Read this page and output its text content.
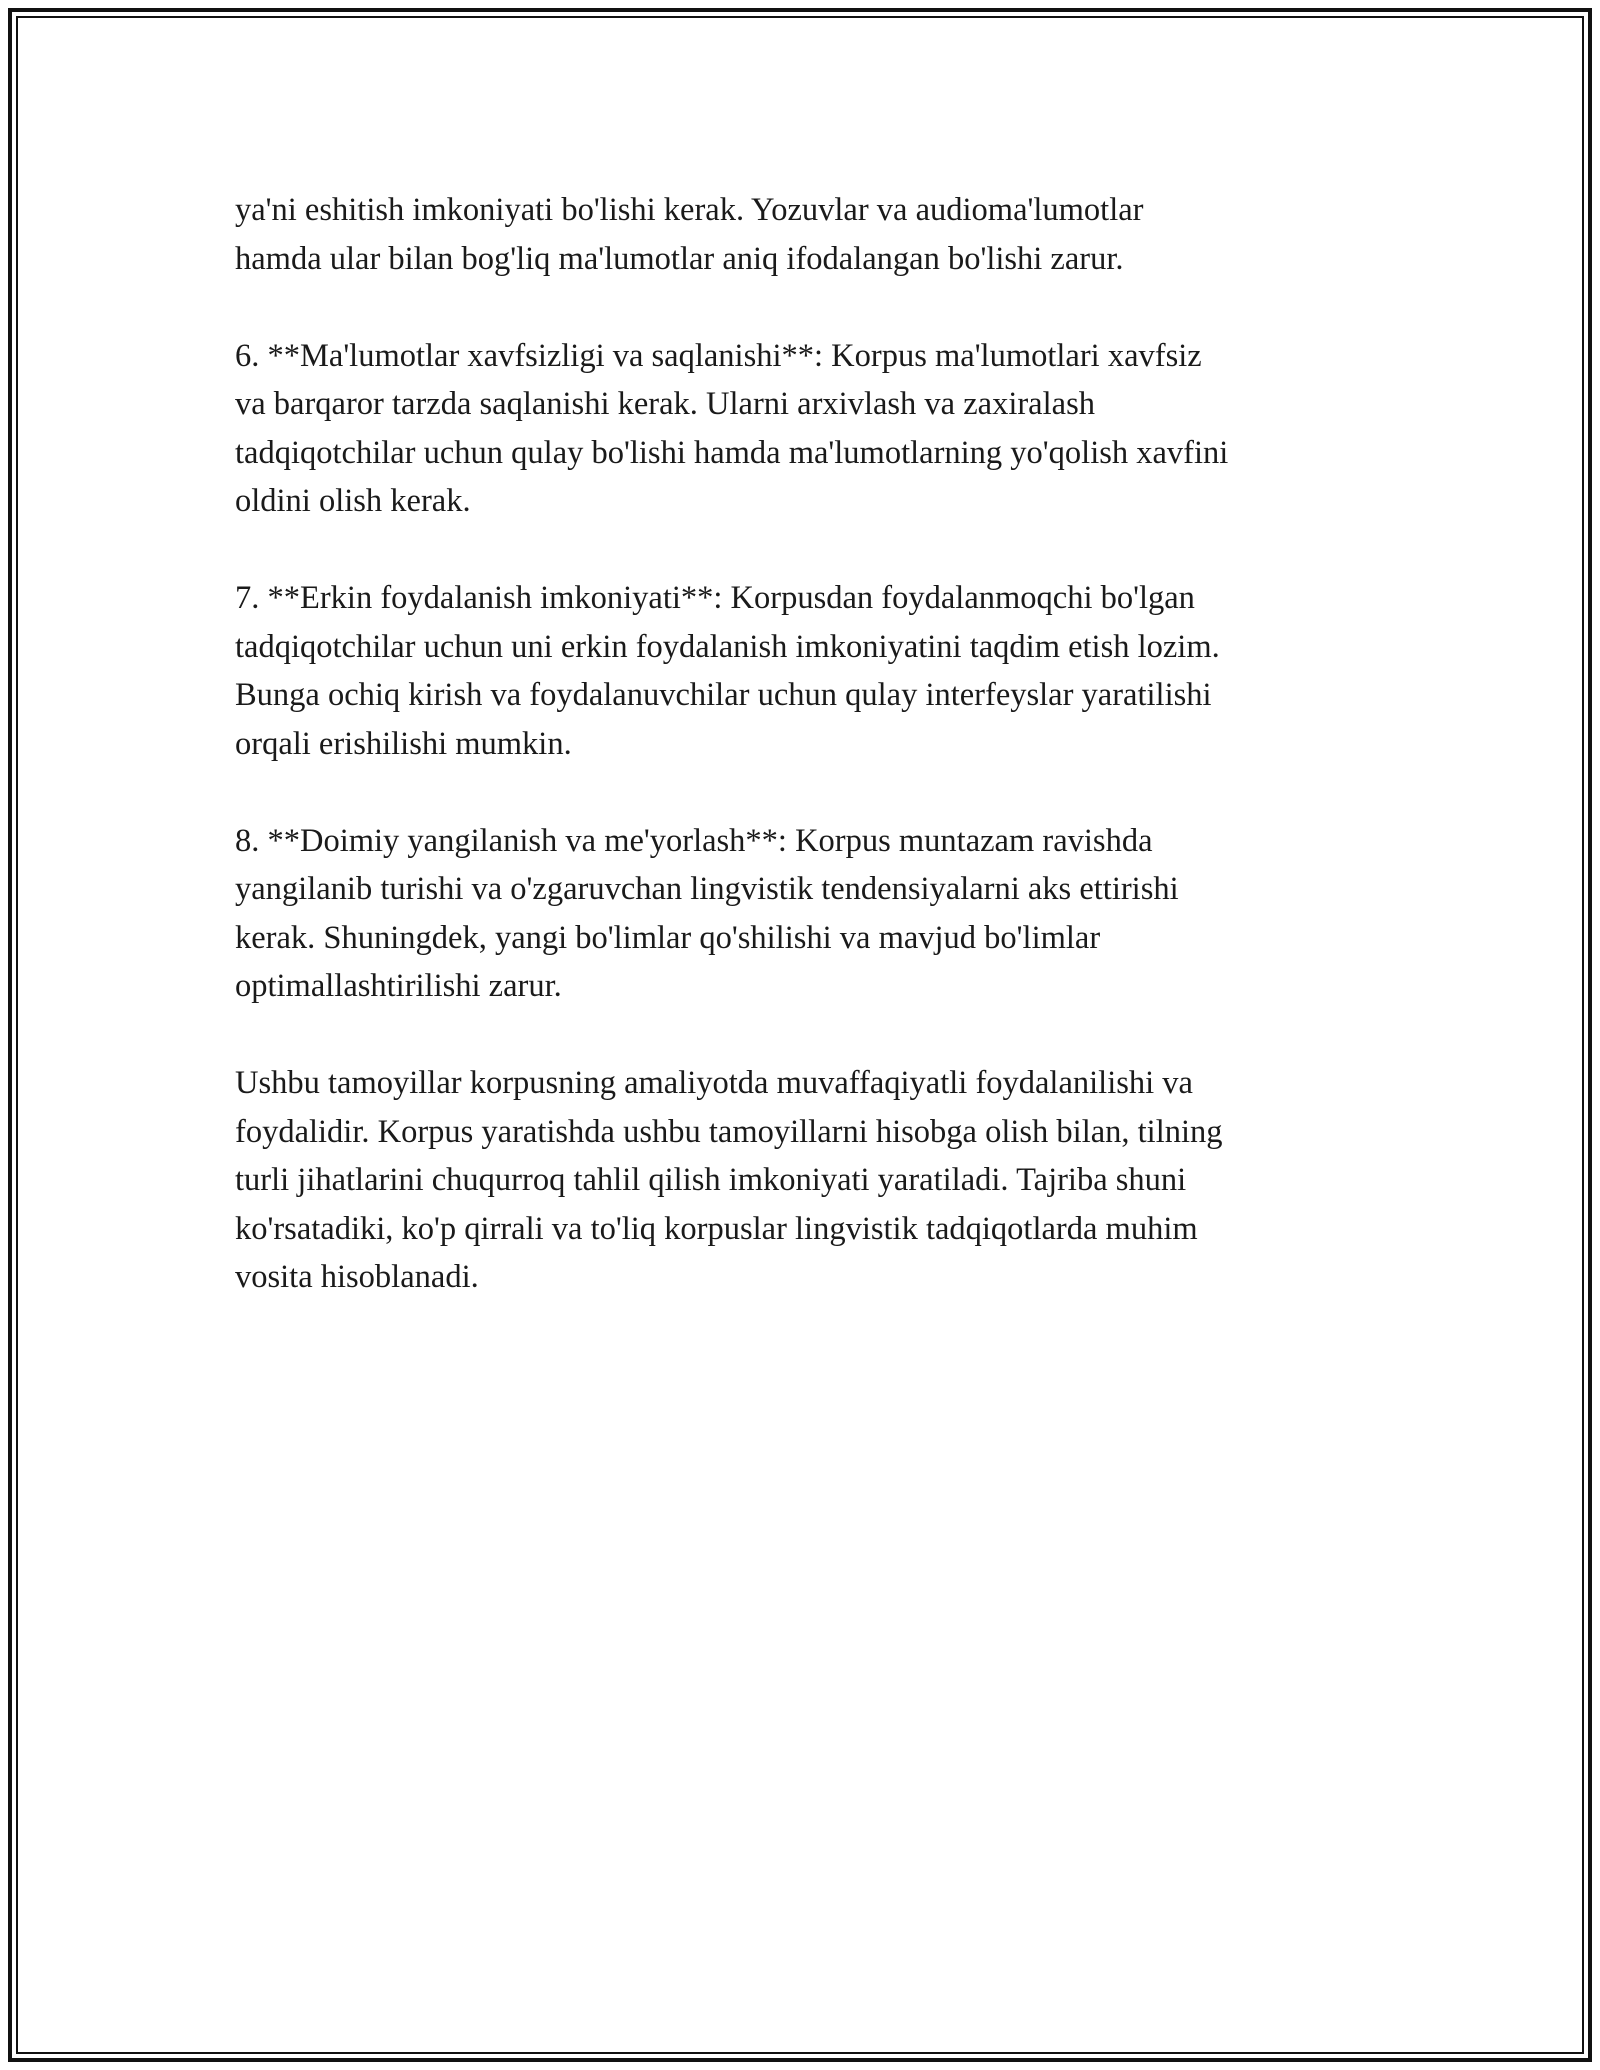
ya'ni eshitish imkoniyati bo'lishi kerak. Yozuvlar va audioma'lumotlar
hamda ular bilan bog'liq ma'lumotlar aniq ifodalangan bo'lishi zarur.

6. **Ma'lumotlar xavfsizligi va saqlanishi**: Korpus ma'lumotlari xavfsiz
va barqaror tarzda saqlanishi kerak. Ularni arxivlash va zaxiralash
tadqiqotchilar uchun qulay bo'lishi hamda ma'lumotlarning yo'qolish xavfini
oldini olish kerak.

7. **Erkin foydalanish imkoniyati**: Korpusdan foydalanmoqchi bo'lgan
tadqiqotchilar uchun uni erkin foydalanish imkoniyatini taqdim etish lozim.
Bunga ochiq kirish va foydalanuvchilar uchun qulay interfeyslar yaratilishi
orqali erishilishi mumkin.

8. **Doimiy yangilanish va me'yorlash**: Korpus muntazam ravishda
yangilanib turishi va o'zgaruvchan lingvistik tendensiyalarni aks ettirishi
kerak. Shuningdek, yangi bo'limlar qo'shilishi va mavjud bo'limlar
optimallashtirilishi zarur.

Ushbu tamoyillar korpusning amaliyotda muvaffaqiyatli foydalanilishi va
foydalidir. Korpus yaratishda ushbu tamoyillarni hisobga olish bilan, tilning
turli jihatlarini chuqurroq tahlil qilish imkoniyati yaratiladi. Tajriba shuni
ko'rsatadiki, ko'p qirrali va to'liq korpuslar lingvistik tadqiqotlarda muhim
vosita hisoblanadi.
